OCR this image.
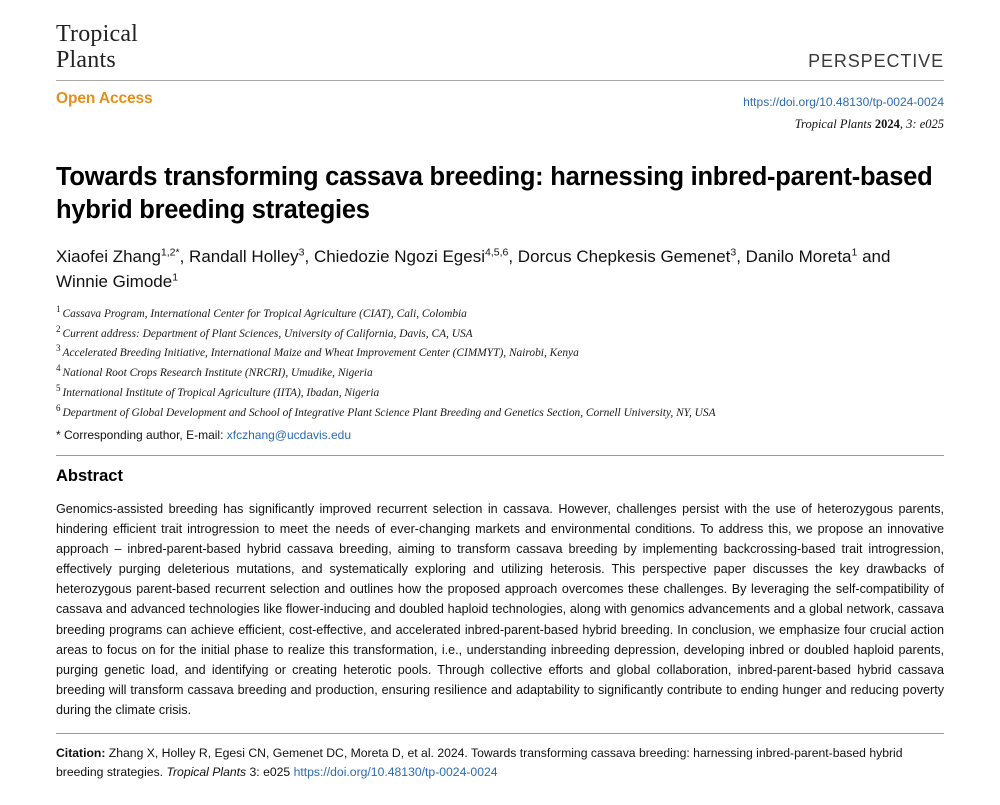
Tropical
Plants	PERSPECTIVE
Open Access	https://doi.org/10.48130/tp-0024-0024
Tropical Plants 2024, 3: e025
Towards transforming cassava breeding: harnessing inbred-parent-based hybrid breeding strategies
Xiaofei Zhang$^{1,2*}$, Randall Holley$^3$, Chiedozie Ngozi Egesi$^{4,5,6}$, Dorcus Chepkesis Gemenet$^3$, Danilo Moreta$^1$ and Winnie Gimode$^1$
$^1$ Cassava Program, International Center for Tropical Agriculture (CIAT), Cali, Colombia
$^2$ Current address: Department of Plant Sciences, University of California, Davis, CA, USA
$^3$ Accelerated Breeding Initiative, International Maize and Wheat Improvement Center (CIMMYT), Nairobi, Kenya
$^4$ National Root Crops Research Institute (NRCRI), Umudike, Nigeria
$^5$ International Institute of Tropical Agriculture (IITA), Ibadan, Nigeria
$^6$ Department of Global Development and School of Integrative Plant Science Plant Breeding and Genetics Section, Cornell University, NY, USA
* Corresponding author, E-mail: xfczhang@ucdavis.edu
Abstract

Genomics-assisted breeding has significantly improved recurrent selection in cassava. However, challenges persist with the use of heterozygous parents, hindering efficient trait introgression to meet the needs of ever-changing markets and environmental conditions. To address this, we propose an innovative approach – inbred-parent-based hybrid cassava breeding, aiming to transform cassava breeding by implementing backcrossing-based trait introgression, effectively purging deleterious mutations, and systematically exploring and utilizing heterosis. This perspective paper discusses the key drawbacks of heterozygous parent-based recurrent selection and outlines how the proposed approach overcomes these challenges. By leveraging the self-compatibility of cassava and advanced technologies like flower-inducing and doubled haploid technologies, along with genomics advancements and a global network, cassava breeding programs can achieve efficient, cost-effective, and accelerated inbred-parent-based hybrid breeding. In conclusion, we emphasize four crucial action areas to focus on for the initial phase to realize this transformation, i.e., understanding inbreeding depression, developing inbred or doubled haploid parents, purging genetic load, and identifying or creating heterotic pools. Through collective efforts and global collaboration, inbred-parent-based hybrid cassava breeding will transform cassava breeding and production, ensuring resilience and adaptability to significantly contribute to ending hunger and reducing poverty during the climate crisis.

Citation: Zhang X, Holley R, Egesi CN, Gemenet DC, Moreta D, et al. 2024. Towards transforming cassava breeding: harnessing inbred-parent-based hybrid breeding strategies. Tropical Plants 3: e025 https://doi.org/10.48130/tp-0024-0024
